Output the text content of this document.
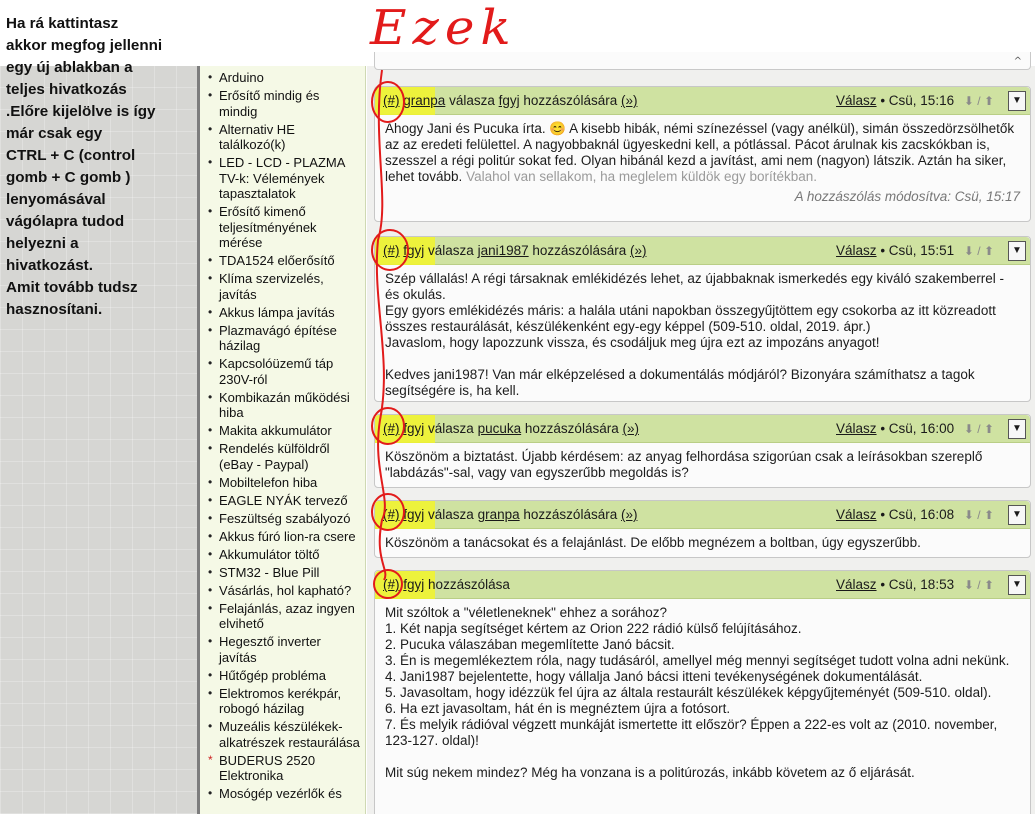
Ha rá kattintasz
akkor megfog jellenni
egy új ablakban a
teljes hivatkozás
.Előre kijelölve is így
már csak egy
CTRL + C (control
gomb + C gomb )
lenyomásával
vágólapra tudod
helyezni a
hivatkozást.
Amit tovább tudsz
hasznosítani.
• Arduino
• Erősítő mindig és mindig
• Alternativ HE találkozó(k)
• LED - LCD - PLAZMA TV-k: Vélemények tapasztalatok
• Erősítő kimenő teljesítményének mérése
• TDA1524 előerősítő
• Klíma szervizelés, javítás
• Akkus lámpa javítás
• Plazmavágó építése házilag
• Kapcsolóüzemű táp 230V-ról
• Kombikazán működési hiba
• Makita akkumulátor
• Rendelés külföldről (eBay - Paypal)
• Mobiltelefon hiba
• EAGLE NYÁK tervező
• Feszültség szabályozó
• Akkus fúró lion-ra csere
• Akkumulátor töltő
• STM32 - Blue Pill
• Vásárlás, hol kapható?
• Felajánlás, azaz ingyen elvihető
• Hegesztő inverter javítás
• Hűtőgép probléma
• Elektromos kerékpár, robogó házilag
• Muzeális készülékek-alkatrészek restaurálása
* BUDERUS 2520 Elektronika
• Mosógép vezérlők és
^
Ezek
(#) granpa válasza fgyj hozzászólására (»)	Válasz • Csü, 15:16 ⬇ / ⬆	▼

Ahogy Jani és Pucuka írta. 😊 A kisebb hibák, némi színezéssel (vagy anélkül), simán összedörzsölhetők az az eredeti felülettel. A nagyobbaknál ügyeskedni kell, a pótlással. Pácot árulnak kis zacskókban is, szesszel a régi politúr sokat fed. Olyan hibánál kezd a javítást, ami nem (nagyon) látszik. Aztán ha siker, lehet tovább. Valahol van sellakom, ha meglelem küldök egy borítékban.

A hozzászólás módosítva: Csü, 15:17
(#) fgyj válasza jani1987 hozzászólására (»)	Válasz • Csü, 15:51 ⬇ / ⬆	▼

Szép vállalás! A régi társaknak emlékidézés lehet, az újabbaknak ismerkedés egy kiváló szakemberrel - és okulás.
Egy gyors emlékidézés máris: a halála utáni napokban összegyűjtöttem egy csokorba az itt közreadott összes restaurálását, készülékenként egy-egy képpel (509-510. oldal, 2019. ápr.)
Javaslom, hogy lapozzunk vissza, és csodáljuk meg újra ezt az impozáns anyagot!

Kedves jani1987! Van már elképzelésed a dokumentálás módjáról? Bizonyára számíthatsz a tagok segítségére is, ha kell.

(#) fgyj válasza pucuka hozzászólására (»)	Válasz • Csü, 16:00 ⬇ / ⬆	▼

Köszönöm a biztatást. Újabb kérdésem: az anyag felhordása szigorúan csak a leírásokban szereplő "labdázás"-sal, vagy van egyszerűbb megoldás is?

(#) fgyj válasza granpa hozzászólására (»)	Válasz • Csü, 16:08 ⬇ / ⬆	▼

Köszönöm a tanácsokat és a felajánlást. De előbb megnézem a boltban, úgy egyszerűbb.

(#) fgyj hozzászólása	Válasz • Csü, 18:53 ⬇ / ⬆	▼

Mit szóltok a "véletleneknek" ehhez a sorához?
1. Két napja segítséget kértem az Orion 222 rádió külső felújításához.
2. Pucuka válaszában megemlítette Janó bácsit.
3. Én is megemlékeztem róla, nagy tudásáról, amellyel még mennyi segítséget tudott volna adni nekünk.
4. Jani1987 bejelentette, hogy vállalja Janó bácsi itteni tevékenységének dokumentálását.
5. Javasoltam, hogy idézzük fel újra az általa restaurált készülékek képgyűjteményét (509-510. oldal).
6. Ha ezt javasoltam, hát én is megnéztem újra a fotósort.
7. És melyik rádióval végzett munkáját ismertette itt először? Éppen a 222-es volt az (2010. november, 123-127. oldal)!

Mit súg nekem mindez? Még ha vonzana is a politúrozás, inkább követem az ő eljárását.
